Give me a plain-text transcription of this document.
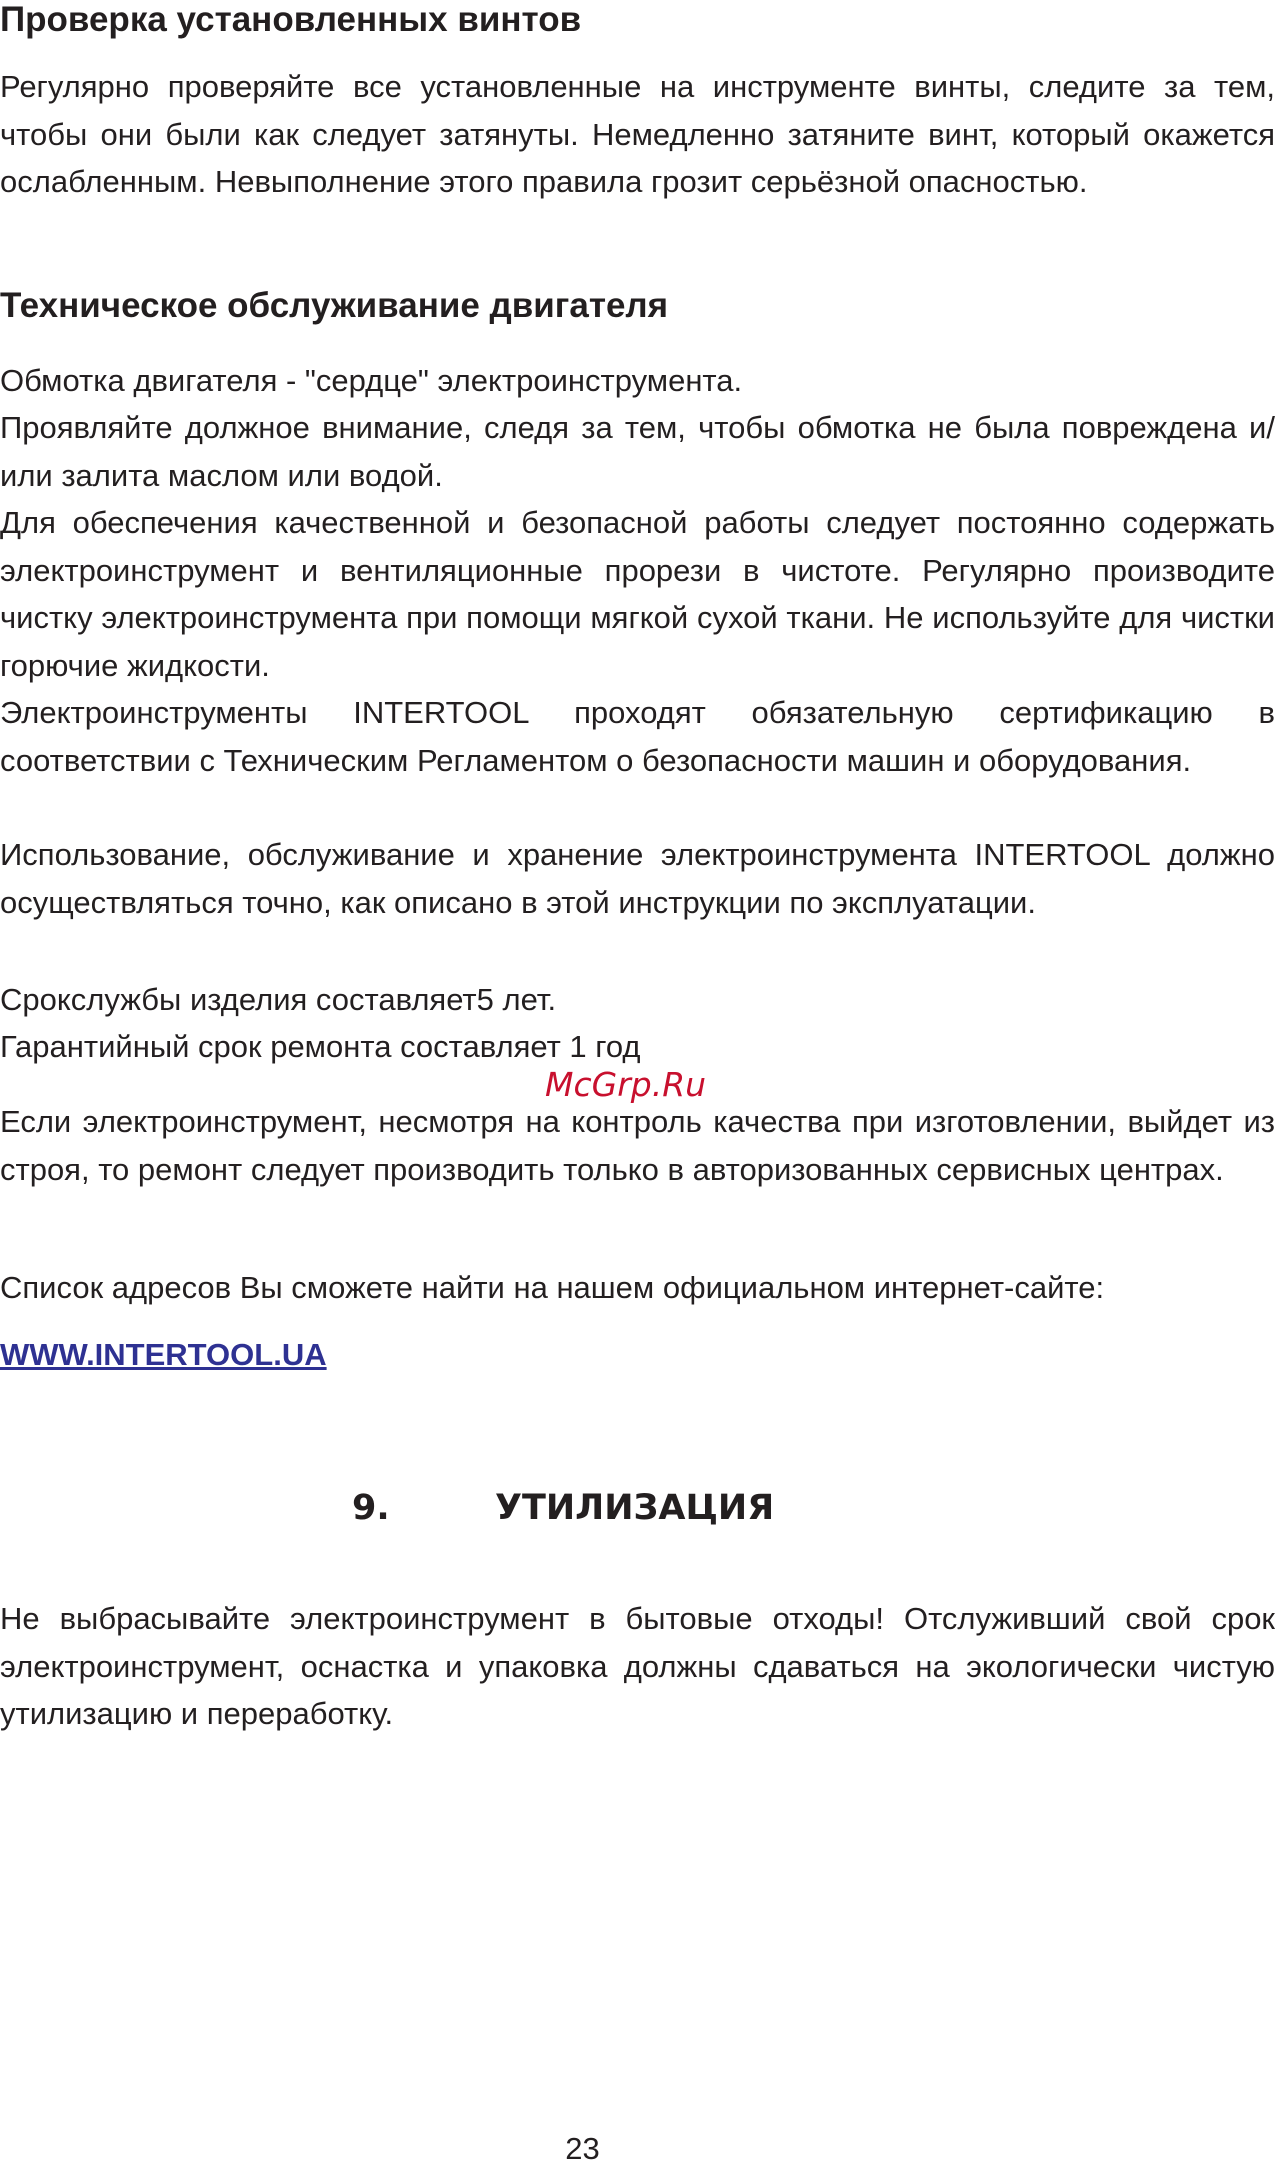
Проверка установленных винтов

Регулярно проверяйте все установленные на инструменте винты, следите за тем, чтобы они были как следует затянуты. Немедленно затяните винт, который окажется ослабленным. Невыполнение этого правила грозит серьёзной опасностью.

Техническое обслуживание двигателя

Обмотка двигателя - "сердце" электроинструмента.

Проявляйте должное внимание, следя за тем, чтобы обмотка не была повреждена и/ или залита маслом или водой.

Для обеспечения качественной и безопасной работы следует постоянно содержать электроинструмент и вентиляционные прорези в чистоте. Регулярно производите чистку электроинструмента при помощи мягкой сухой ткани. Не используйте для чистки горючие жидкости.

Электроинструменты INTERTOOL проходят обязательную сертификацию в соответствии с Техническим Регламентом о безопасности машин и оборудования.

Использование, обслуживание и хранение электроинструмента INTERTOOL должно осуществляться точно, как описано в этой инструкции по эксплуатации.

Срокслужбы изделия составляет5 лет.

Гарантийный срок ремонта составляет 1 год

McGrp.Ru

Если электроинструмент, несмотря на контроль качества при изготовлении, выйдет из строя, то ремонт следует производить только в авторизованных сервисных центрах.

Список адресов Вы сможете найти на нашем официальном интернет-сайте:

WWW.INTERTOOL.UA

9.	УТИЛИЗАЦИЯ

Не выбрасывайте электроинструмент в бытовые отходы! Отслуживший свой срок электроинструмент, оснастка и упаковка должны сдаваться на экологически чистую утилизацию и переработку.

23
